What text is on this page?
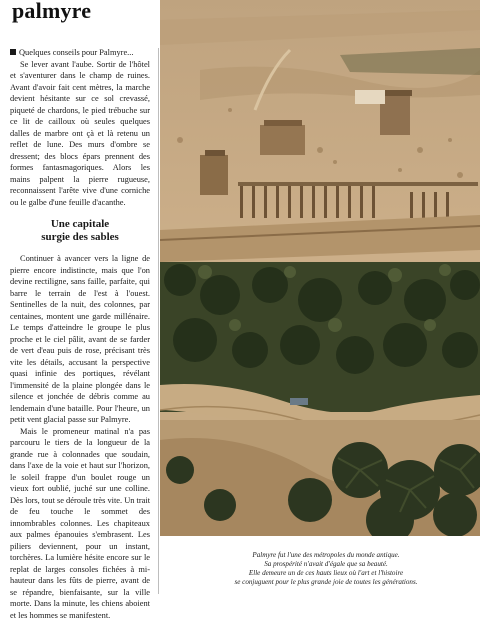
palmyre

Quelques conseils pour Palmyre...

Se lever avant l'aube. Sortir de l'hôtel et s'aventurer dans le champ de ruines. Avant d'avoir fait cent mètres, la marche devient hésitante sur ce sol crevassé, piqueté de chardons, le pied trébuche sur ce lit de cailloux où seules quelques dalles de marbre ont çà et là retenu un reflet de lune. Des murs d'ombre se dressent; des blocs épars prennent des formes fantasmagoriques. Alors les mains palpent la pierre rugueuse, reconnaissent l'arête vive d'une corniche ou le galbe d'une feuille d'acanthe.

Une capitale
surgie des sables

Continuer à avancer vers la ligne de pierre encore indistincte, mais que l'on devine rectiligne, sans faille, parfaite, qui barre le terrain de l'est à l'ouest. Sentinelles de la nuit, des colonnes, par centaines, montent une garde millénaire. Le temps d'atteindre le groupe le plus proche et le ciel pâlit, avant de se farder de vert d'eau puis de rose, précisant très vite les détails, accusant la perspective quasi infinie des portiques, révélant l'immensité de la plaine plongée dans le silence et jonchée de débris comme au lendemain d'une bataille. Pour l'heure, un petit vent glacial passe sur Palmyre.

Mais le promeneur matinal n'a pas parcouru le tiers de la longueur de la grande rue à colonnades que soudain, dans l'axe de la voie et haut sur l'horizon, le soleil frappe d'un boulet rouge un vieux fort oublié, juché sur une colline. Dès lors, tout se déroule très vite. Un trait de feu touche le sommet des innombrables colonnes. Les chapiteaux aux palmes épanouies s'embrasent. Les piliers deviennent, pour un instant, torchères. La lumière hésite encore sur le replat de larges consoles fichées à mi-hauteur dans les fûts de pierre, avant de se répandre, bienfaisante, sur la ville morte. Dans la minute, les chiens aboient et les hommes se manifestent.

Palmyre fut l'une des métropoles du monde antique.
Sa prospérité n'avait d'égale que sa beauté.
Elle demeure un de ces hauts lieux où l'art et l'histoire
se conjuguent pour le plus grande joie de toutes les générations.
